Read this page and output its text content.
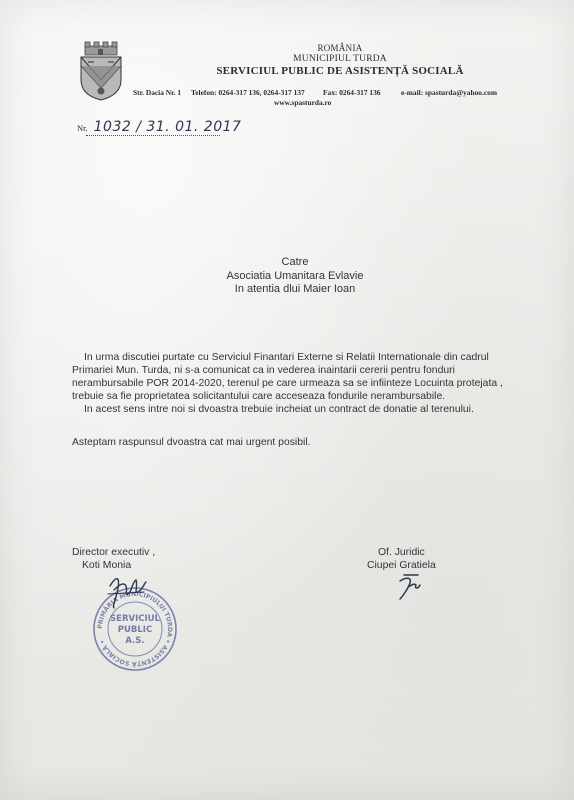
ROMÂNIA
MUNICIPIUL TURDA
SERVICIUL PUBLIC DE ASISTENȚĂ SOCIALĂ
Str. Dacia Nr. 1 Telefon: 0264-317 136, 0264-317 137 Fax: 0264-317 136	e-mail: spasturda@yahoo.com
www.spasturda.ro
Nr. 1032 / 31. 01. 2017
Catre
Asociatia Umanitara Evlavie
In atentia dlui Maier Ioan
In urma discutiei purtate cu Serviciul Finantari Externe si Relatii Internationale din cadrul
Primariei Mun. Turda, ni s-a comunicat ca in vederea inaintarii cererii pentru fonduri
nerambursabile POR 2014-2020, terenul pe care urmeaza sa se infiinteze Locuinta protejata ,
trebuie sa fie proprietatea solicitantului care acceseaza fondurile nerambursabile.
In acest sens intre noi si dvoastra trebuie incheiat un contract de donatie al terenului.
Asteptam raspunsul dvoastra cat mai urgent posibil.
Director executiv ,
Koti Monia
Of. Juridic
Ciupei Gratiela
PRIMĂRIA MUNICIPIULUI TURDA • ASISTENȚĂ SOCIALĂ •
SERVICIUL
PUBLIC
A.S.
